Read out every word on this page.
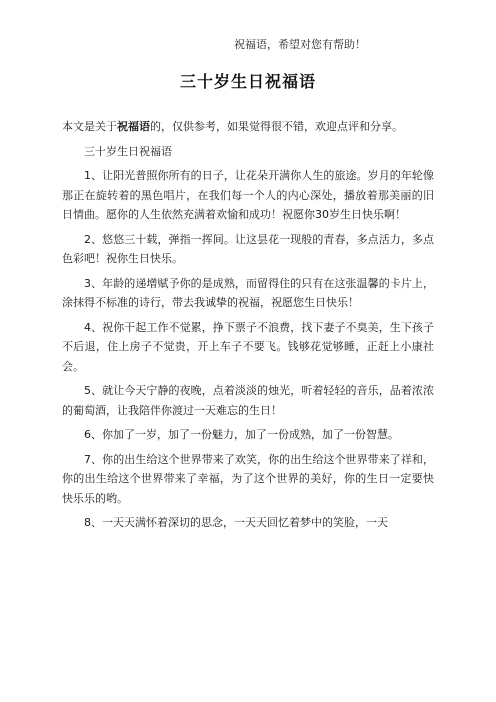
祝福语，希望对您有帮助！
三十岁生日祝福语

本文是关于祝福语的，仅供参考，如果觉得很不错，欢迎点评和分享。

三十岁生日祝福语

1、让阳光普照你所有的日子，让花朵开满你人生的旅途。岁月的年轮像那正在旋转着的黑色唱片，在我们每一个人的内心深处，播放着那美丽的旧日情曲。愿你的人生依然充满着欢愉和成功！祝愿你30岁生日快乐啊！

2、悠悠三十载，弹指一挥间。让这昙花一现般的青春，多点活力，多点色彩吧！祝你生日快乐。

3、年龄的递增赋予你的是成熟，而留得住的只有在这张温馨的卡片上，涂抹得不标准的诗行，带去我诚挚的祝福，祝愿您生日快乐！

4、祝你干起工作不觉累，挣下票子不浪费，找下妻子不臭美，生下孩子不后退，住上房子不觉贵，开上车子不要飞。钱够花觉够睡，正赶上小康社会。

5、就让今天宁静的夜晚，点着淡淡的烛光，听着轻轻的音乐，品着浓浓的葡萄酒，让我陪伴你渡过一天难忘的生日！

6、你加了一岁，加了一份魅力，加了一份成熟，加了一份智慧。

7、你的出生给这个世界带来了欢笑，你的出生给这个世界带来了祥和，你的出生给这个世界带来了幸福，为了这个世界的美好，你的生日一定要快快乐乐的哟。

8、一天天满怀着深切的思念，一天天回忆着梦中的笑脸，一天
